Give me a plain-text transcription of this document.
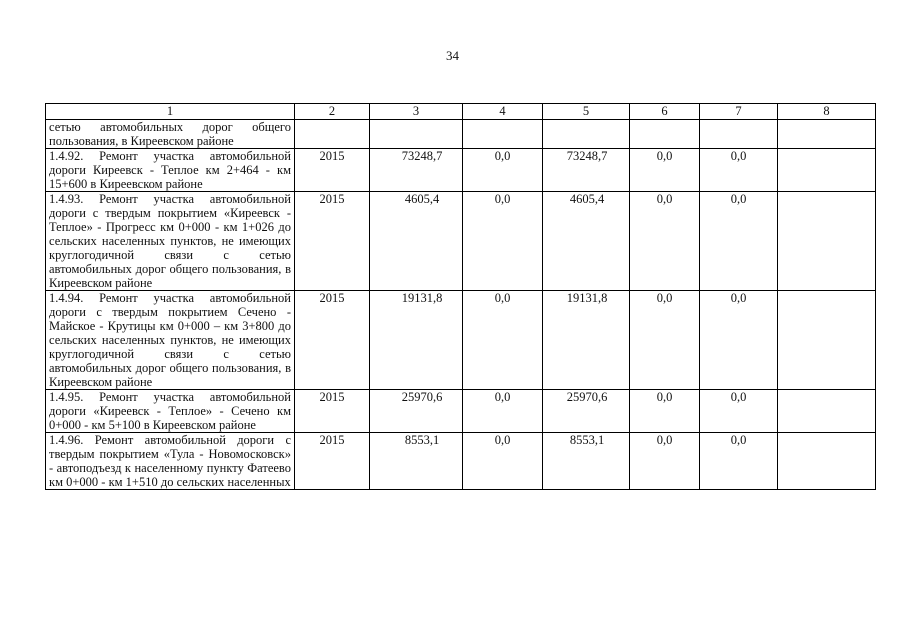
34
1	2	3	4	5	6	7	8
сетью автомобильных дорог общего пользования, в Киреевском районе							
1.4.92. Ремонт участка автомобильной дороги Киреевск - Теплое км 2+464 - км 15+600 в Киреевском районе	2015	73248,7	0,0	73248,7	0,0	0,0	
1.4.93. Ремонт участка автомобильной дороги с твердым покрытием «Киреевск - Теплое» - Прогресс км 0+000 - км 1+026 до сельских населенных пунктов, не имеющих круглогодичной связи с сетью автомобильных дорог общего пользования, в Киреевском районе	2015	4605,4	0,0	4605,4	0,0	0,0	
1.4.94. Ремонт участка автомобильной дороги с твердым покрытием Сечено - Майское - Крутицы км 0+000 – км 3+800 до сельских населенных пунктов, не имеющих круглогодичной связи с сетью автомобильных дорог общего пользования, в Киреевском районе	2015	19131,8	0,0	19131,8	0,0	0,0	
1.4.95. Ремонт участка автомобильной дороги «Киреевск - Теплое» - Сечено км 0+000 - км 5+100 в Киреевском районе	2015	25970,6	0,0	25970,6	0,0	0,0	
1.4.96. Ремонт автомобильной дороги с твердым покрытием «Тула - Новомосковск» - автоподъезд к населенному пункту Фатеево км 0+000 - км 1+510 до сельских населенных	2015	8553,1	0,0	8553,1	0,0	0,0	
